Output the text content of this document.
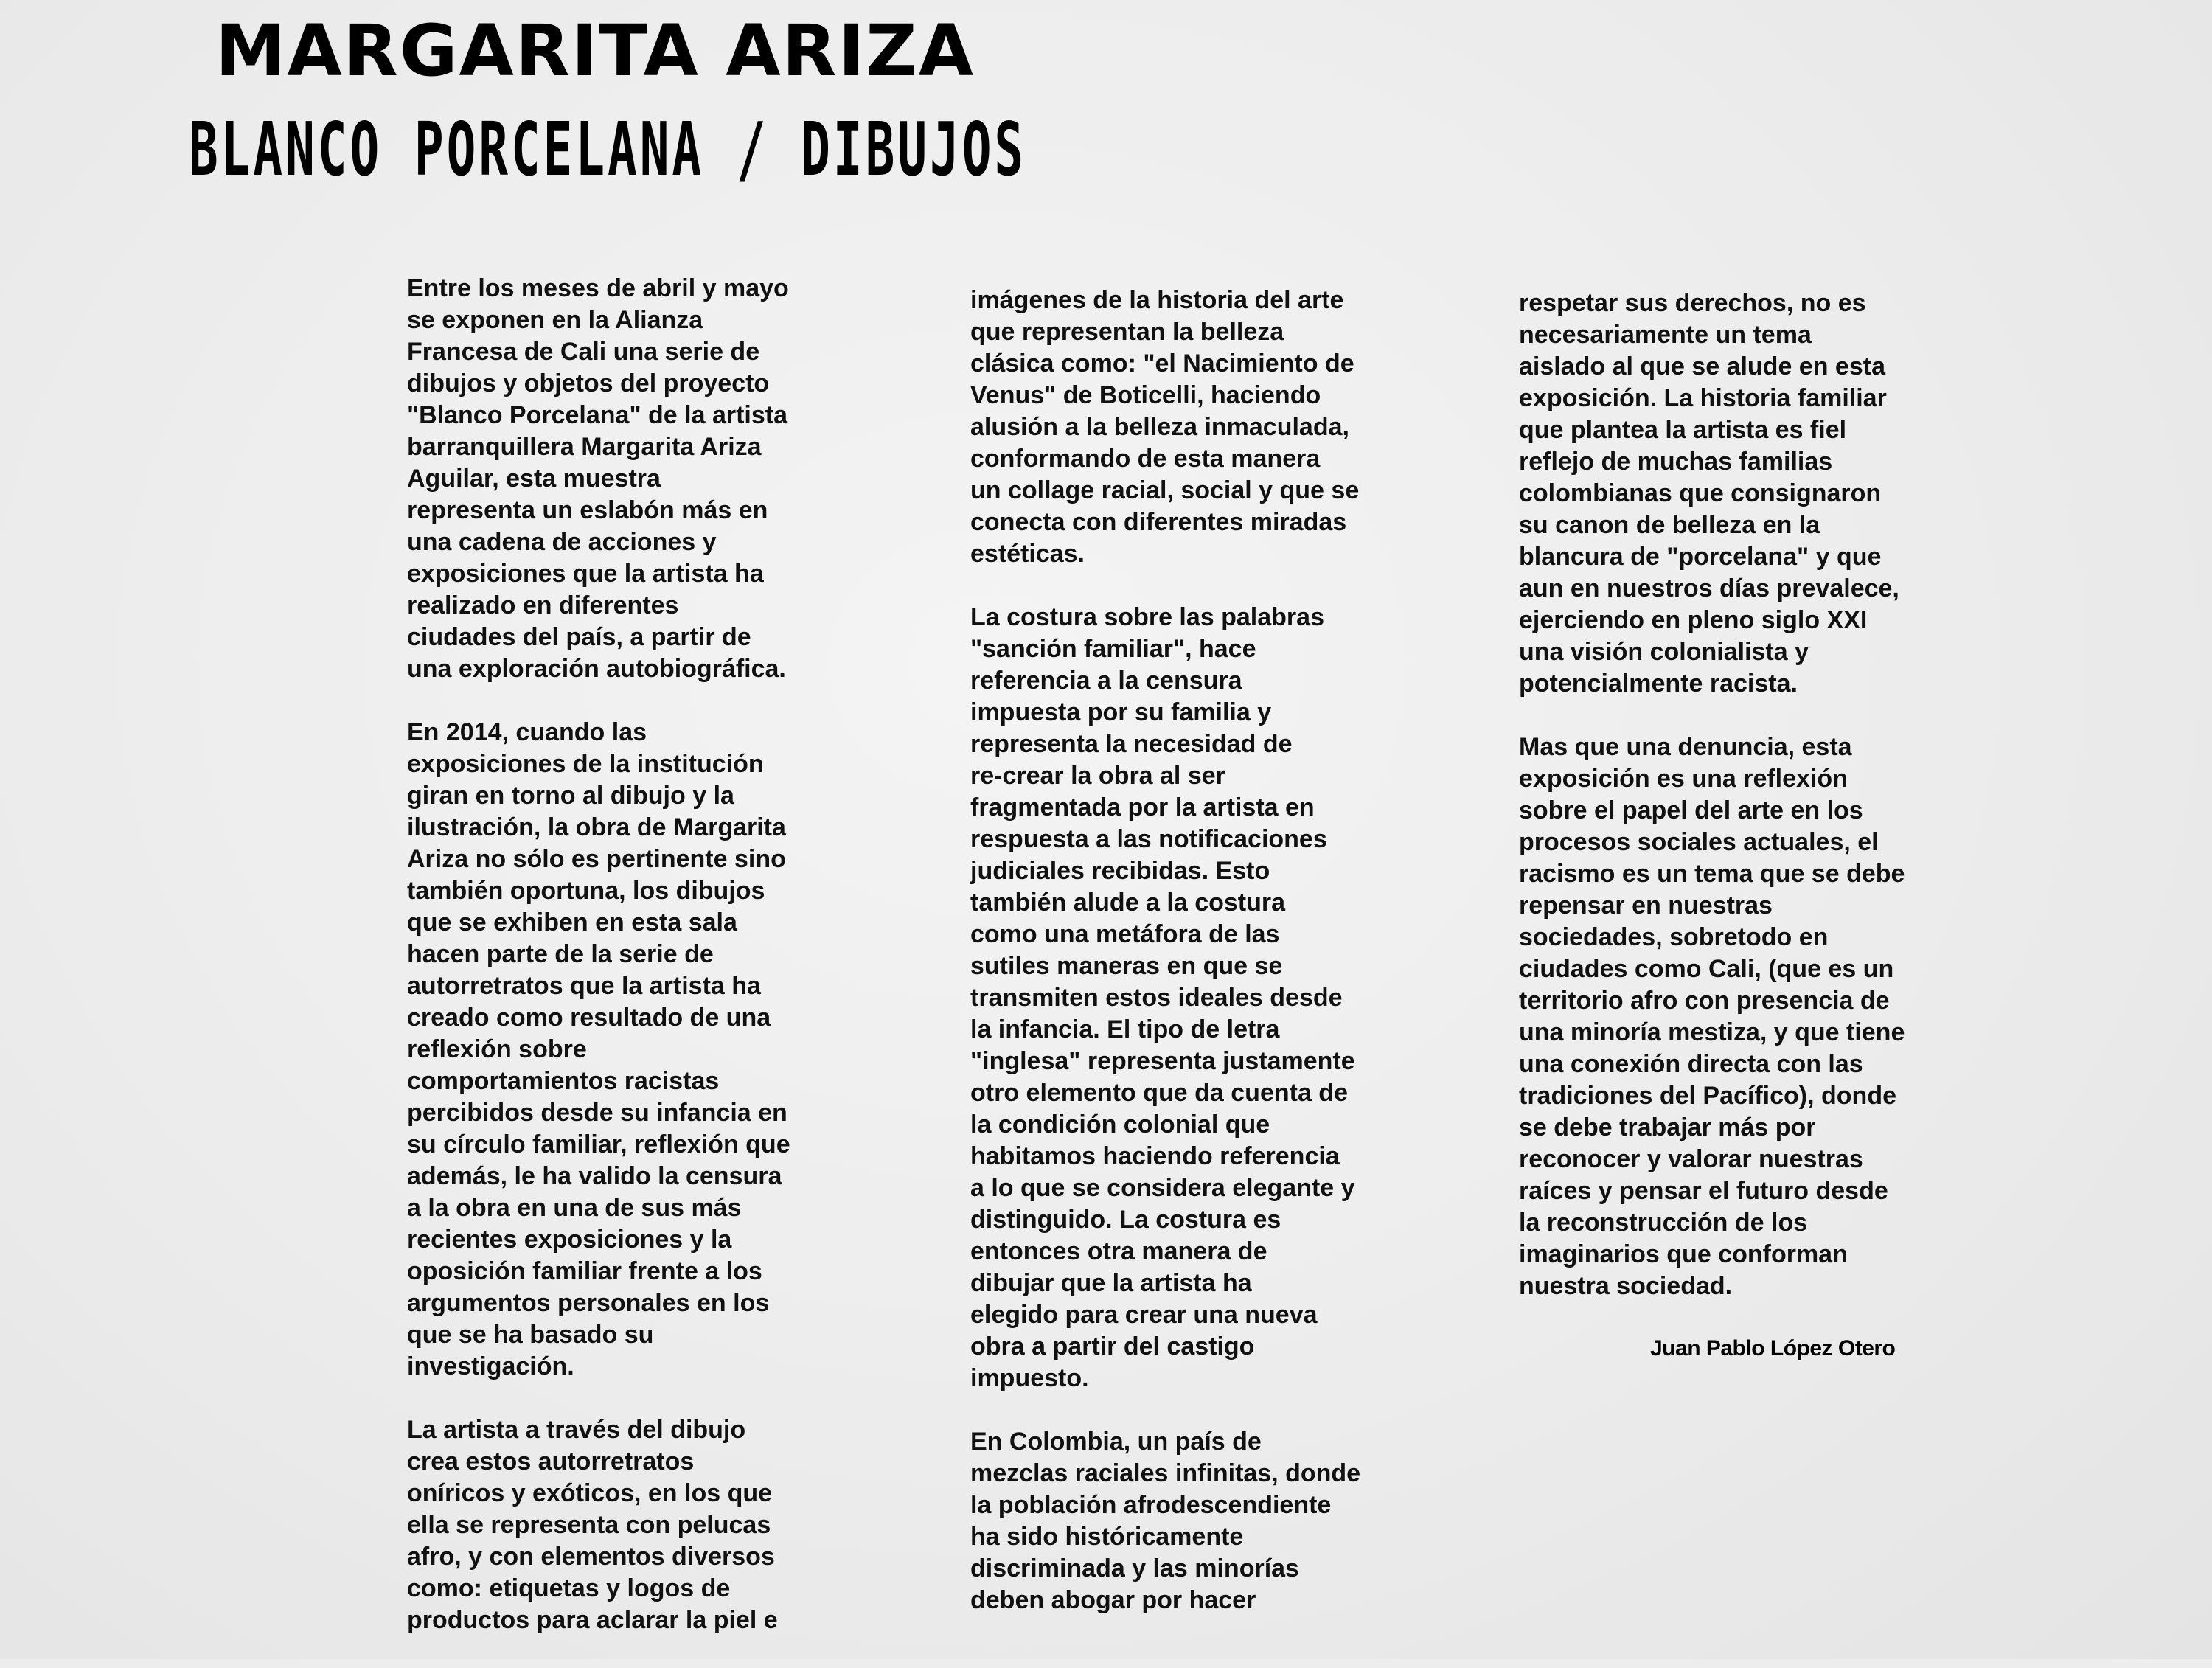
MARGARITA ARIZA
BLANCO PORCELANA / DIBUJOS

Entre los meses de abril y mayo
se exponen en la Alianza
Francesa de Cali una serie de
dibujos y objetos del proyecto
"Blanco Porcelana" de la artista
barranquillera Margarita Ariza
Aguilar, esta muestra
representa un eslabón más en
una cadena de acciones y
exposiciones que la artista ha
realizado en diferentes
ciudades del país, a partir de
una exploración autobiográfica.

En 2014, cuando las
exposiciones de la institución
giran en torno al dibujo y la
ilustración, la obra de Margarita
Ariza no sólo es pertinente sino
también oportuna, los dibujos
que se exhiben en esta sala
hacen parte de la serie de
autorretratos que la artista ha
creado como resultado de una
reflexión sobre
comportamientos racistas
percibidos desde su infancia en
su círculo familiar, reflexión que
además, le ha valido la censura
a la obra en una de sus más
recientes exposiciones y la
oposición familiar frente a los
argumentos personales en los
que se ha basado su
investigación.

La artista a través del dibujo
crea estos autorretratos
oníricos y exóticos, en los que
ella se representa con pelucas
afro, y con elementos diversos
como: etiquetas y logos de
productos para aclarar la piel e

imágenes de la historia del arte
que representan la belleza
clásica como: "el Nacimiento de
Venus" de Boticelli, haciendo
alusión a la belleza inmaculada,
conformando de esta manera
un collage racial, social y que se
conecta con diferentes miradas
estéticas.

La costura sobre las palabras
"sanción familiar", hace
referencia a la censura
impuesta por su familia y
representa la necesidad de
re-crear la obra al ser
fragmentada por la artista en
respuesta a las notificaciones
judiciales recibidas. Esto
también alude a la costura
como una metáfora de las
sutiles maneras en que se
transmiten estos ideales desde
la infancia. El tipo de letra
"inglesa" representa justamente
otro elemento que da cuenta de
la condición colonial que
habitamos haciendo referencia
a lo que se considera elegante y
distinguido. La costura es
entonces otra manera de
dibujar que la artista ha
elegido para crear una nueva
obra a partir del castigo
impuesto.

En Colombia, un país de
mezclas raciales infinitas, donde
la población afrodescendiente
ha sido históricamente
discriminada y las minorías
deben abogar por hacer

respetar sus derechos, no es
necesariamente un tema
aislado al que se alude en esta
exposición. La historia familiar
que plantea la artista es fiel
reflejo de muchas familias
colombianas que consignaron
su canon de belleza en la
blancura de "porcelana" y que
aun en nuestros días prevalece,
ejerciendo en pleno siglo XXI
una visión colonialista y
potencialmente racista.

Mas que una denuncia, esta
exposición es una reflexión
sobre el papel del arte en los
procesos sociales actuales, el
racismo es un tema que se debe
repensar en nuestras
sociedades, sobretodo en
ciudades como Cali, (que es un
territorio afro con presencia de
una minoría mestiza, y que tiene
una conexión directa con las
tradiciones del Pacífico), donde
se debe trabajar más por
reconocer y valorar nuestras
raíces y pensar el futuro desde
la reconstrucción de los
imaginarios que conforman
nuestra sociedad.

Juan Pablo López Otero
